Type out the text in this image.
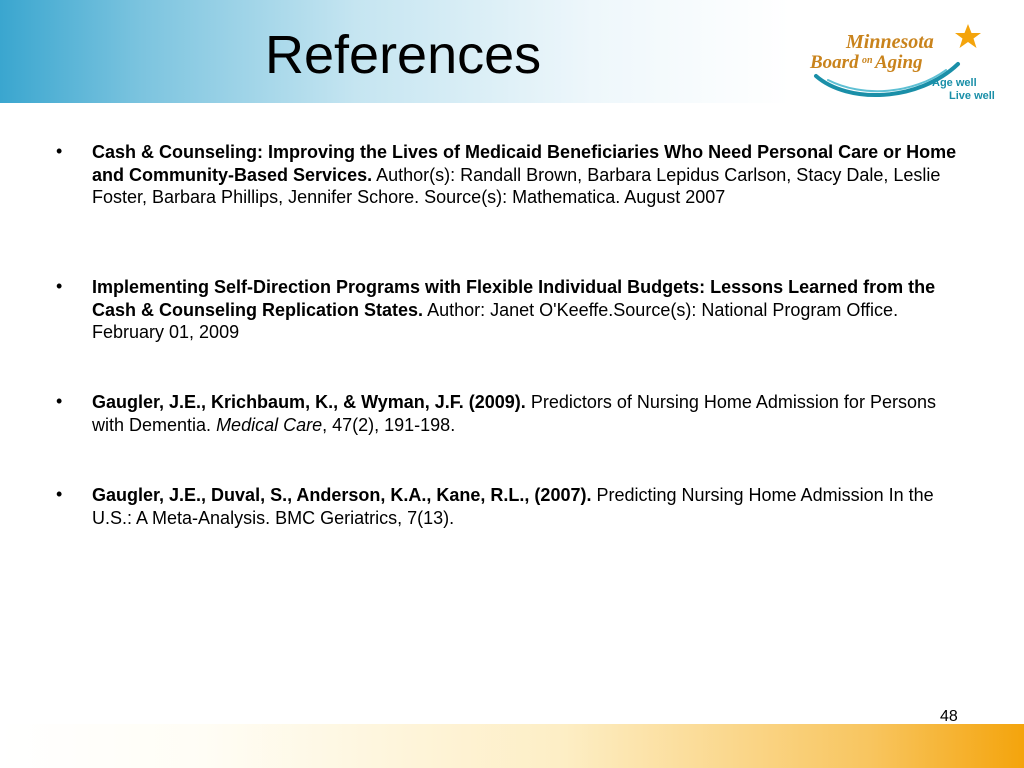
References	Minnesota
Board on Aging
Age well
Live well
• Cash & Counseling: Improving the Lives of Medicaid Beneficiaries Who Need Personal Care or Home and Community-Based Services. Author(s): Randall Brown, Barbara Lepidus Carlson, Stacy Dale, Leslie Foster, Barbara Phillips, Jennifer Schore. Source(s): Mathematica. August 2007
• Implementing Self-Direction Programs with Flexible Individual Budgets: Lessons Learned from the Cash & Counseling Replication States. Author: Janet O'Keeffe.Source(s): National Program Office. February 01, 2009
• Gaugler, J.E., Krichbaum, K., & Wyman, J.F. (2009). Predictors of Nursing Home Admission for Persons with Dementia. Medical Care, 47(2), 191-198.
• Gaugler, J.E., Duval, S., Anderson, K.A., Kane, R.L., (2007). Predicting Nursing Home Admission In the U.S.: A Meta-Analysis. BMC Geriatrics, 7(13).
48
